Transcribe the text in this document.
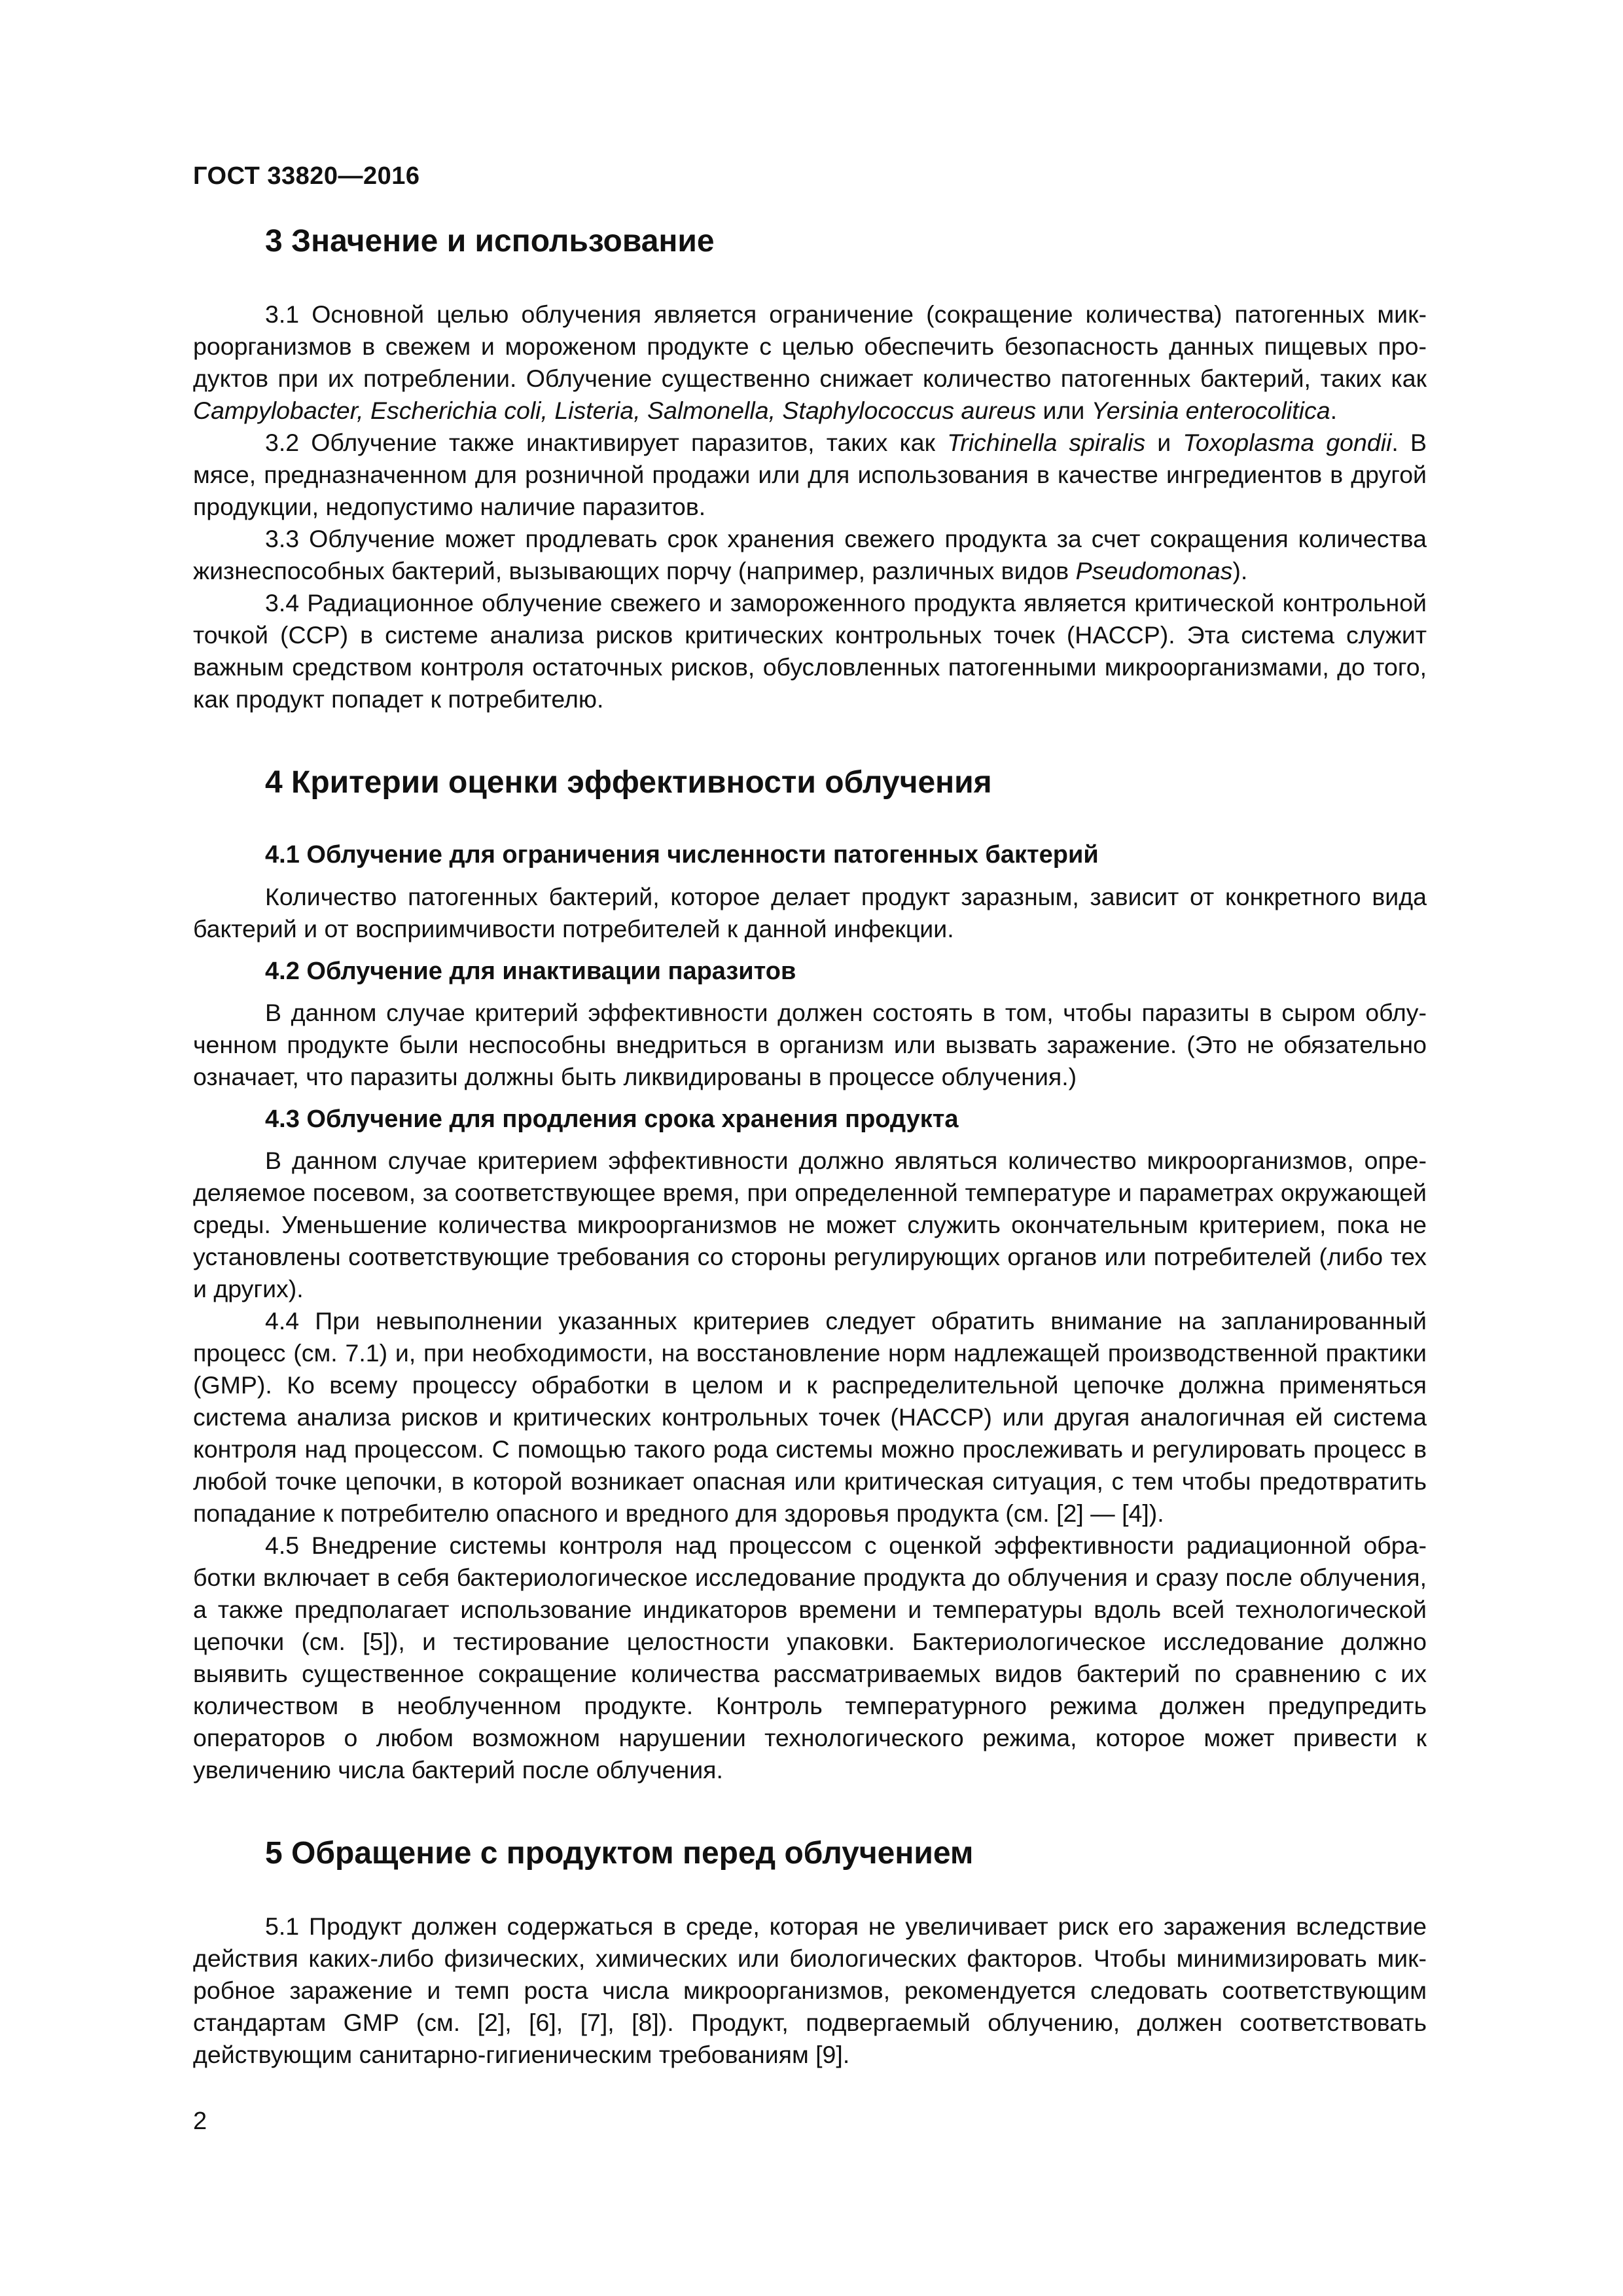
ГОСТ 33820—2016
3 Значение и использование

3.1 Основной целью облучения является ограничение (сокращение количества) патогенных микроорганизмов в свежем и мороженом продукте с целью обеспечить безопасность данных пищевых продуктов при их потреблении. Облучение существенно снижает количество патогенных бактерий, таких как Campylobacter, Escherichia coli, Listeria, Salmonella, Staphylococcus aureus или Yersinia enterocolitica.

3.2 Облучение также инактивирует паразитов, таких как Trichinella spiralis и Toxoplasma gondii. В мясе, предназначенном для розничной продажи или для использования в качестве ингредиентов в другой продукции, недопустимо наличие паразитов.

3.3 Облучение может продлевать срок хранения свежего продукта за счет сокращения количества жизнеспособных бактерий, вызывающих порчу (например, различных видов Pseudomonas).

3.4 Радиационное облучение свежего и замороженного продукта является критической контрольной точкой (ССР) в системе анализа рисков критических контрольных точек (НАССР). Эта система служит важным средством контроля остаточных рисков, обусловленных патогенными микроорганизмами, до того, как продукт попадет к потребителю.

4 Критерии оценки эффективности облучения
4.1 Облучение для ограничения численности патогенных бактерий

Количество патогенных бактерий, которое делает продукт заразным, зависит от конкретного вида бактерий и от восприимчивости потребителей к данной инфекции.

4.2 Облучение для инактивации паразитов

В данном случае критерий эффективности должен состоять в том, чтобы паразиты в сыром облученном продукте были неспособны внедриться в организм или вызвать заражение. (Это не обязательно означает, что паразиты должны быть ликвидированы в процессе облучения.)

4.3 Облучение для продления срока хранения продукта

В данном случае критерием эффективности должно являться количество микроорганизмов, определяемое посевом, за соответствующее время, при определенной температуре и параметрах окружающей среды. Уменьшение количества микроорганизмов не может служить окончательным критерием, пока не установлены соответствующие требования со стороны регулирующих органов или потребителей (либо тех и других).

4.4 При невыполнении указанных критериев следует обратить внимание на запланированный процесс (см. 7.1) и, при необходимости, на восстановление норм надлежащей производственной практики (GMP). Ко всему процессу обработки в целом и к распределительной цепочке должна применяться система анализа рисков и критических контрольных точек (НАССР) или другая аналогичная ей система контроля над процессом. С помощью такого рода системы можно прослеживать и регулировать процесс в любой точке цепочки, в которой возникает опасная или критическая ситуация, с тем чтобы предотвратить попадание к потребителю опасного и вредного для здоровья продукта (см. [2] — [4]).

4.5 Внедрение системы контроля над процессом с оценкой эффективности радиационной обработки включает в себя бактериологическое исследование продукта до облучения и сразу после облучения, а также предполагает использование индикаторов времени и температуры вдоль всей технологической цепочки (см. [5]), и тестирование целостности упаковки. Бактериологическое исследование должно выявить существенное сокращение количества рассматриваемых видов бактерий по сравнению с их количеством в необлученном продукте. Контроль температурного режима должен предупредить операторов о любом возможном нарушении технологического режима, которое может привести к увеличению числа бактерий после облучения.

5 Обращение с продуктом перед облучением

5.1 Продукт должен содержаться в среде, которая не увеличивает риск его заражения вследствие действия каких-либо физических, химических или биологических факторов. Чтобы минимизировать микробное заражение и темп роста числа микроорганизмов, рекомендуется следовать соответствующим стандартам GMP (см. [2], [6], [7], [8]). Продукт, подвергаемый облучению, должен соответствовать действующим санитарно-гигиеническим требованиям [9].

2
